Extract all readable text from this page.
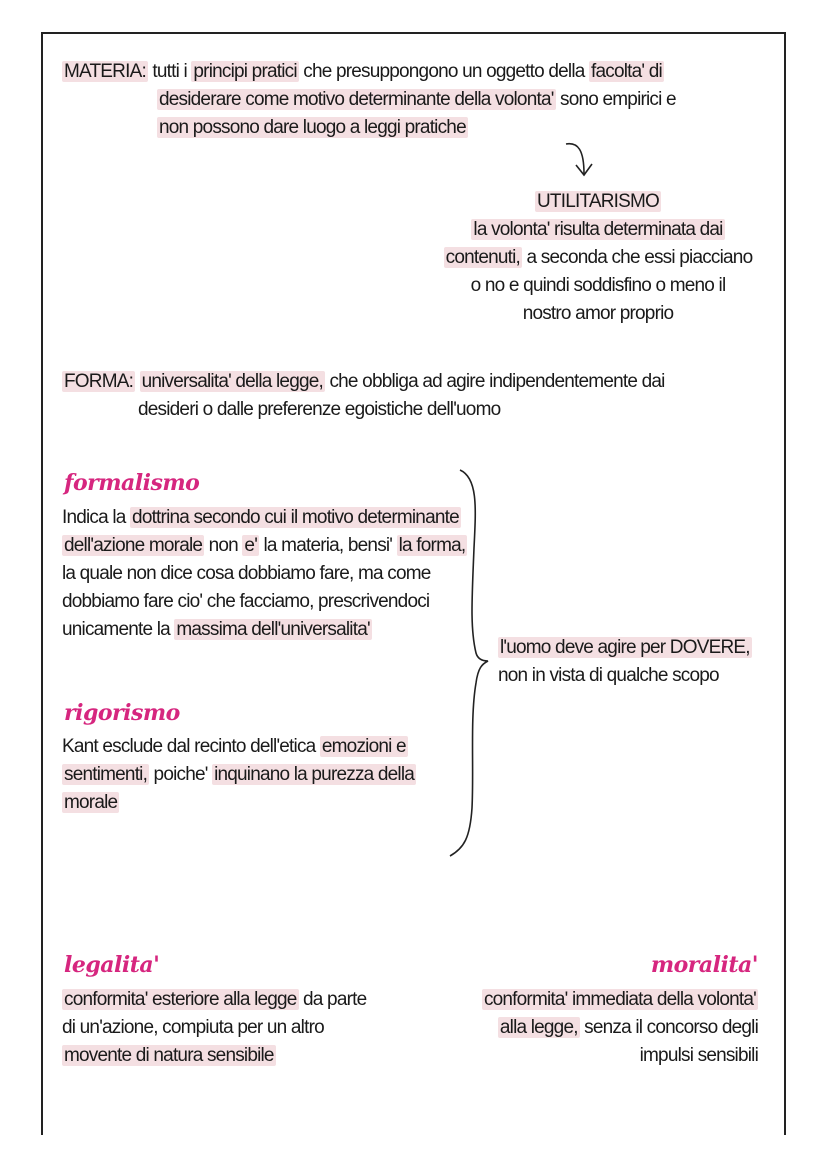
MATERIA: tutti i principi pratici che presuppongono un oggetto della facolta' di
desiderare come motivo determinante della volonta' sono empirici e
non possono dare luogo a leggi pratiche
UTILITARISMO
la volonta' risulta determinata dai
contenuti, a seconda che essi piacciano
o no e quindi soddisfino o meno il
nostro amor proprio
FORMA: universalita' della legge, che obbliga ad agire indipendentemente dai
desideri o dalle preferenze egoistiche dell'uomo
formalismo
Indica la dottrina secondo cui il motivo determinante
dell'azione morale non e' la materia, bensi' la forma,
la quale non dice cosa dobbiamo fare, ma come
dobbiamo fare cio' che facciamo, prescrivendoci
unicamente la massima dell'universalita'
rigorismo
Kant esclude dal recinto dell'etica emozioni e
sentimenti, poiche' inquinano la purezza della
morale
l'uomo deve agire per DOVERE,
non in vista di qualche scopo
legalita'
conformita' esteriore alla legge da parte
di un'azione, compiuta per un altro
movente di natura sensibile
moralita'
conformita' immediata della volonta'
alla legge, senza il concorso degli
impulsi sensibili
